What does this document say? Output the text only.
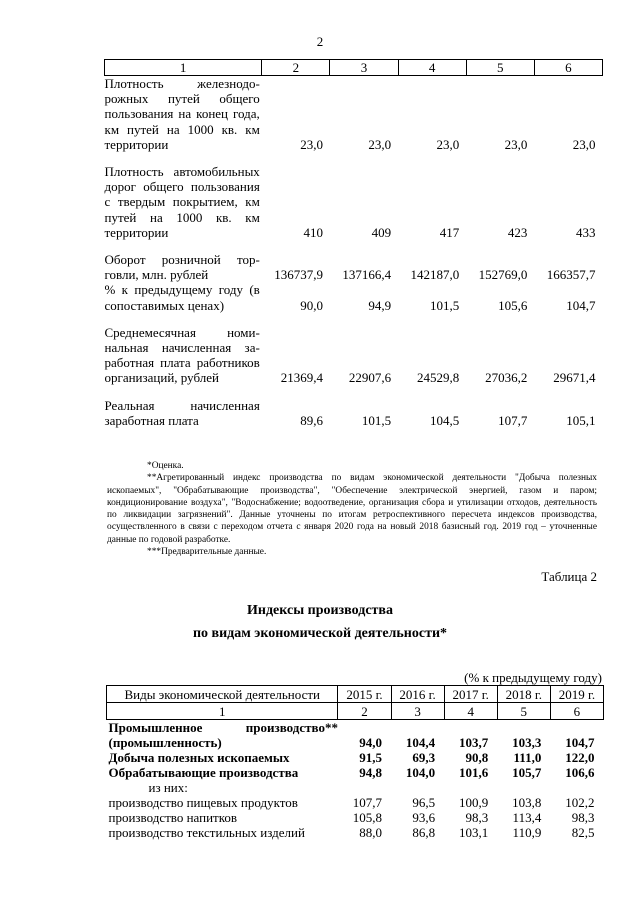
2
1	2	3	4	5	6
Плотность железнодорожных путей общего пользования на конец года, км путей на 1000 кв. км территории	23,0	23,0	23,0	23,0	23,0

Плотность автомобильных дорог общего пользования с твердым покрытием, км путей на 1000 кв. км территории	410	409	417	423	433

Оборот розничной торговли, млн. рублей	136737,9	137166,4	142187,0	152769,0	166357,7
% к предыдущему году (в сопоставимых ценах)	90,0	94,9	101,5	105,6	104,7

Среднемесячная номинальная начисленная заработная плата работников организаций, рублей	21369,4	22907,6	24529,8	27036,2	29671,4

Реальная начисленная заработная плата	89,6	101,5	104,5	107,7	105,1

*Оценка.

**Агретированный индекс производства по видам экономической деятельности "Добыча полезных ископаемых", "Обрабатывающие производства", "Обеспечение электрической энергией, газом и паром; кондиционирование воздуха", "Водоснабжение; водоотведение, организация сбора и утилизации отходов, деятельность по ликвидации загрязнений". Данные уточнены по итогам ретроспективного пересчета индексов производства, осуществленного в связи с переходом отчета с января 2020 года на новый 2018 базисный год. 2019 год – уточненные данные по годовой разработке.

***Предварительные данные.

Таблица 2
Индексы производства
по видам экономической деятельности*
(% к предыдущему году)
Виды экономической деятельности	2015 г.	2016 г.	2017 г.	2018 г.	2019 г.
1	2	3	4	5	6
Промышленное производство**					
(промышленность)	94,0	104,4	103,7	103,3	104,7
Добыча полезных ископаемых	91,5	69,3	90,8	111,0	122,0
Обрабатывающие производства	94,8	104,0	101,6	105,7	106,6
из них:					
производство пищевых продуктов	107,7	96,5	100,9	103,8	102,2
производство напитков	105,8	93,6	98,3	113,4	98,3
производство текстильных изделий	88,0	86,8	103,1	110,9	82,5
